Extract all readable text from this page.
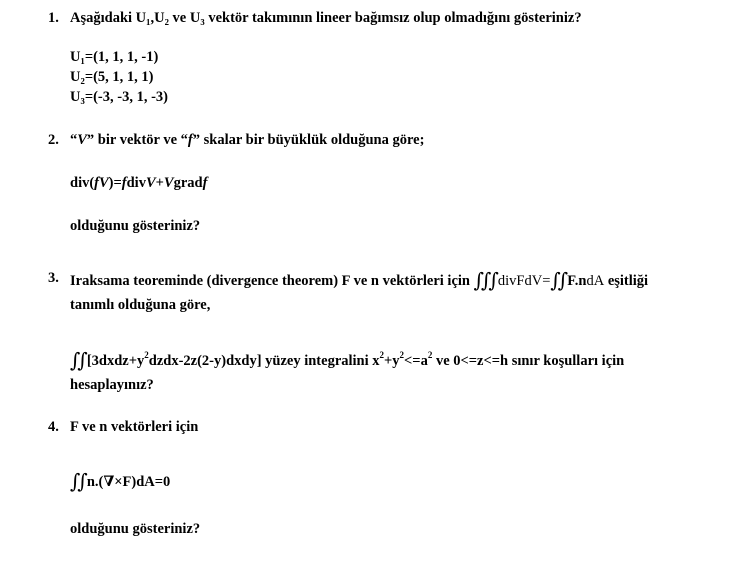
1. Aşağıdaki U₁,U₂ ve U₃ vektör takımının lineer bağımsız olup olmadığını gösteriniz?
U₁=(1, 1, 1, -1)
U₂=(5, 1, 1, 1)
U₃=(-3, -3, 1, -3)
2. “V” bir vektör ve “f” skalar bir büyüklük olduğuna göre;
div(fV)=fdivV+Vgradf
olduğunu gösteriniz?
3. Iraksama teoreminde (divergence theorem) F ve n vektörleri için ∫∫∫ divFdV=∫∫ F.ndA eşitliği
tanımlı olduğuna göre,
∫∫ $[3dxdz+y^2dzdx-2z(2-y)dxdy]$ yüzey integralini $x^2+y^2<=a^2$ ve 0<=z<=h sınır koşulları için
hesaplayınız?
4. F ve n vektörleri için
∫∫ n.(∇×F)dA=0
olduğunu gösteriniz?
